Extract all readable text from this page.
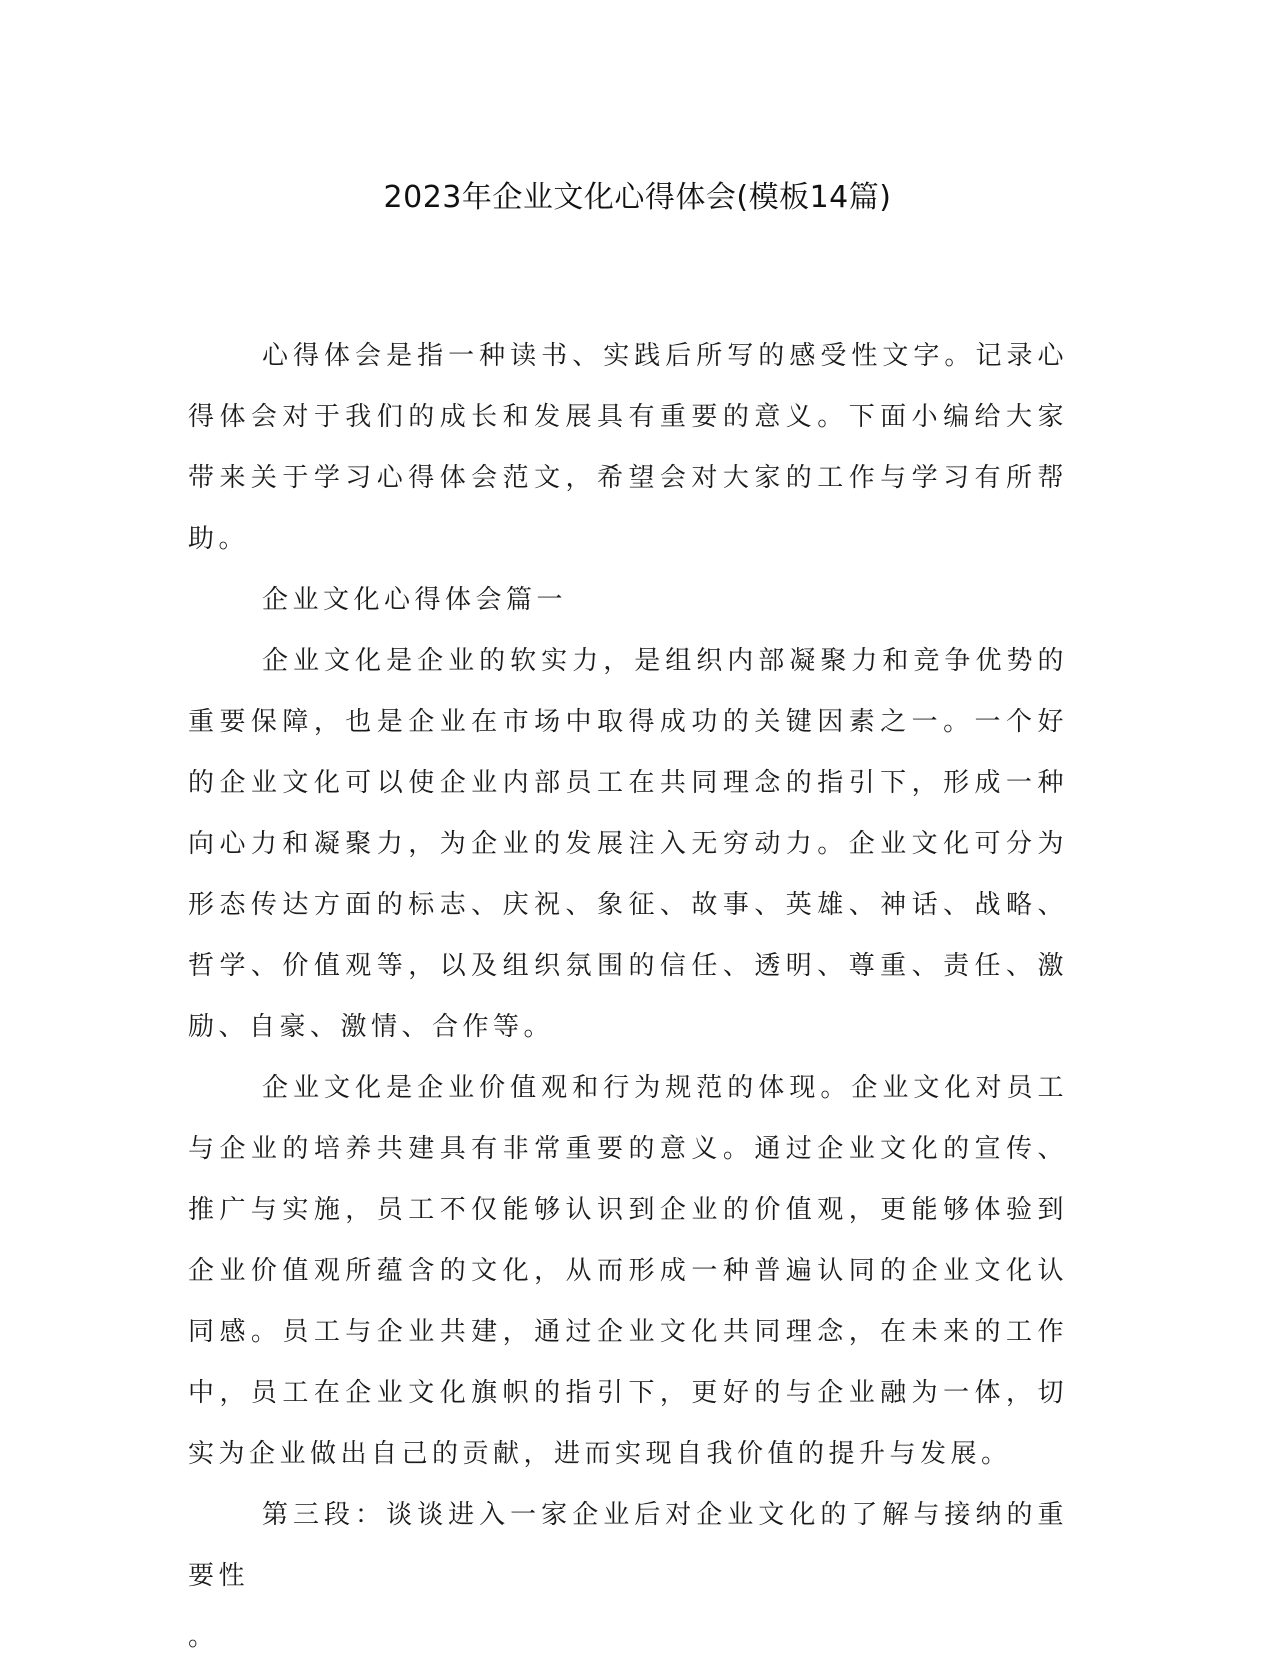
2023年企业文化心得体会(模板14篇)

心得体会是指一种读书、实践后所写的感受性文字。记录心得体会对于我们的成长和发展具有重要的意义。下面小编给大家带来关于学习心得体会范文，希望会对大家的工作与学习有所帮助。

企业文化心得体会篇一

企业文化是企业的软实力，是组织内部凝聚力和竞争优势的重要保障，也是企业在市场中取得成功的关键因素之一。一个好的企业文化可以使企业内部员工在共同理念的指引下，形成一种向心力和凝聚力，为企业的发展注入无穷动力。企业文化可分为形态传达方面的标志、庆祝、象征、故事、英雄、神话、战略、哲学、价值观等，以及组织氛围的信任、透明、尊重、责任、激励、自豪、激情、合作等。

企业文化是企业价值观和行为规范的体现。企业文化对员工与企业的培养共建具有非常重要的意义。通过企业文化的宣传、推广与实施，员工不仅能够认识到企业的价值观，更能够体验到企业价值观所蕴含的文化，从而形成一种普遍认同的企业文化认同感。员工与企业共建，通过企业文化共同理念，在未来的工作中，员工在企业文化旗帜的指引下，更好的与企业融为一体，切实为企业做出自己的贡献，进而实现自我价值的提升与发展。

第三段：谈谈进入一家企业后对企业文化的了解与接纳的重要性

。
